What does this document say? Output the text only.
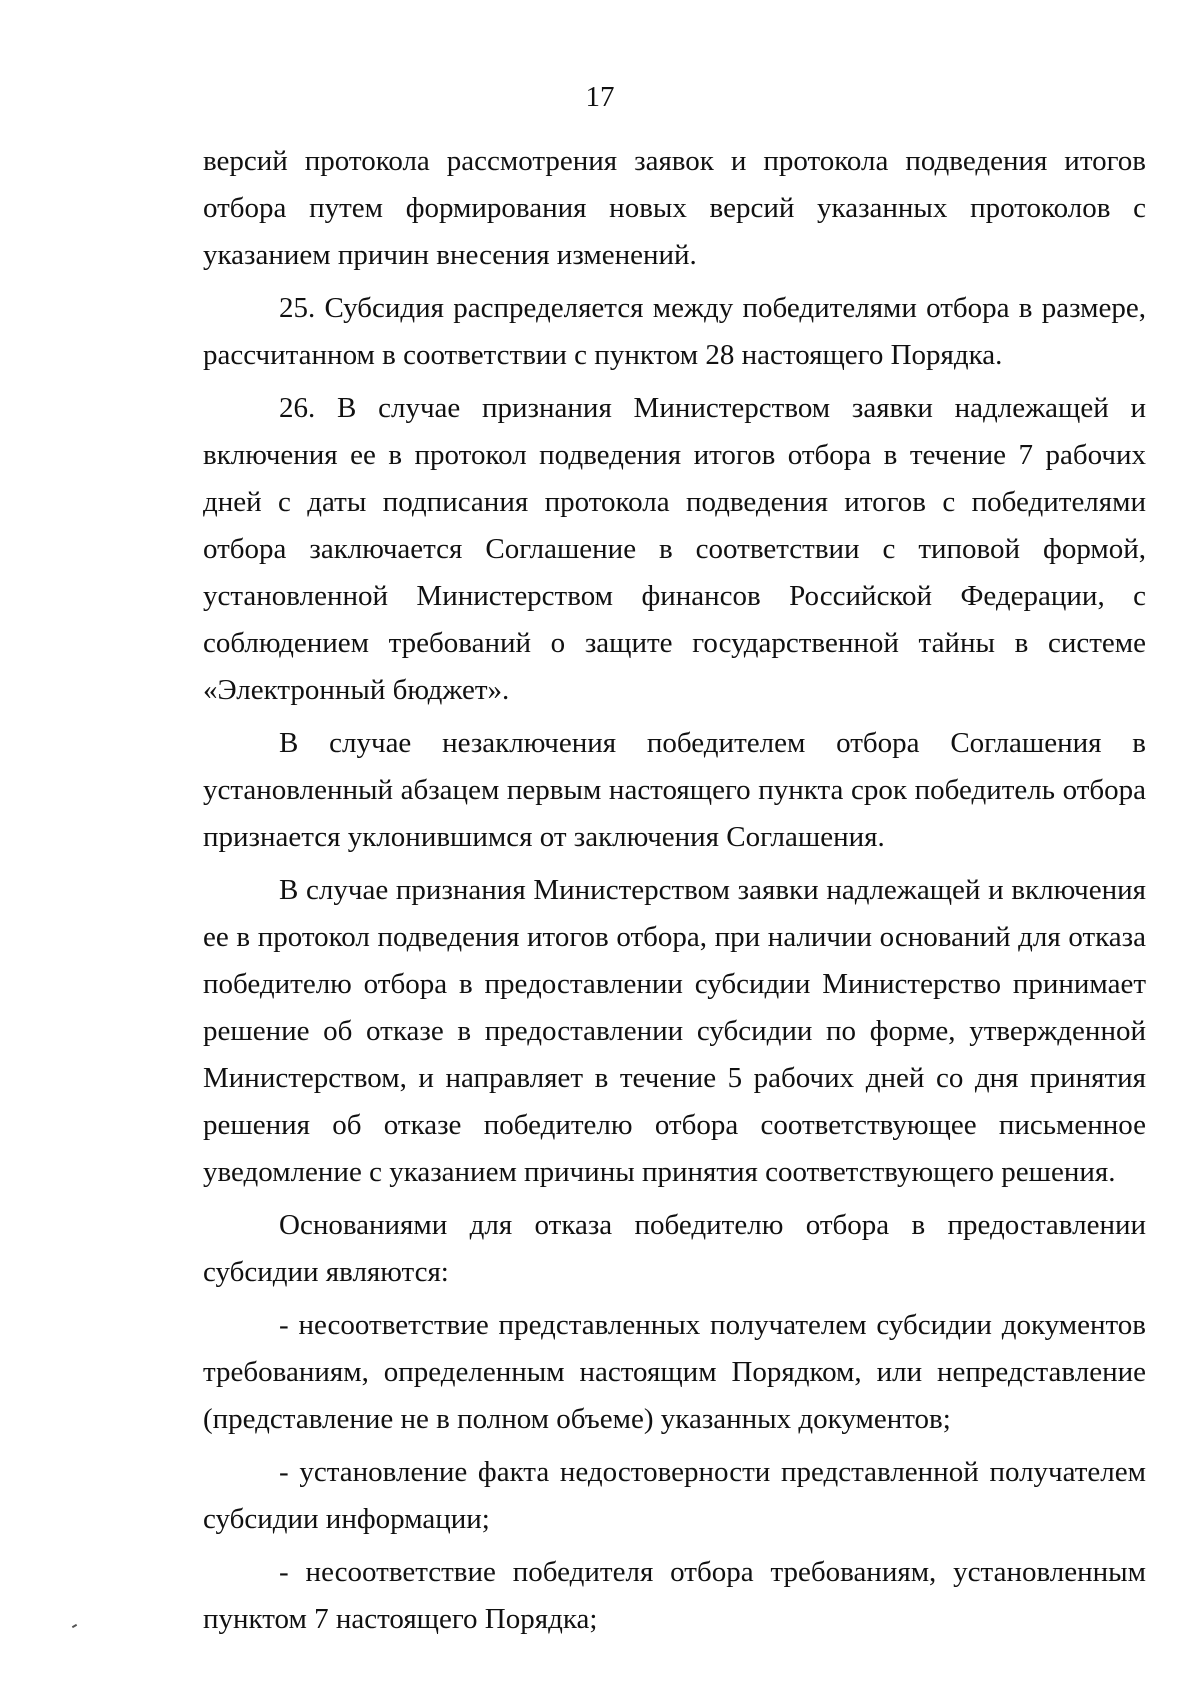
17

версий протокола рассмотрения заявок и протокола подведения итогов отбора путем формирования новых версий указанных протоколов с указанием причин внесения изменений.

25. Субсидия распределяется между победителями отбора в размере, рассчитанном в соответствии с пунктом 28 настоящего Порядка.

26. В случае признания Министерством заявки надлежащей и включения ее в протокол подведения итогов отбора в течение 7 рабочих дней с даты подписания протокола подведения итогов с победителями отбора заключается Соглашение в соответствии с типовой формой, установленной Министерством финансов Российской Федерации, с соблюдением требований о защите государственной тайны в системе «Электронный бюджет».

В случае незаключения победителем отбора Соглашения в установленный абзацем первым настоящего пункта срок победитель отбора признается уклонившимся от заключения Соглашения.

В случае признания Министерством заявки надлежащей и включения ее в протокол подведения итогов отбора, при наличии оснований для отказа победителю отбора в предоставлении субсидии Министерство принимает решение об отказе в предоставлении субсидии по форме, утвержденной Министерством, и направляет в течение 5 рабочих дней со дня принятия решения об отказе победителю отбора соответствующее письменное уведомление с указанием причины принятия соответствующего решения.

Основаниями для отказа победителю отбора в предоставлении субсидии являются:

- несоответствие представленных получателем субсидии документов требованиям, определенным настоящим Порядком, или непредставление (представление не в полном объеме) указанных документов;

- установление факта недостоверности представленной получателем субсидии информации;

- несоответствие победителя отбора требованиям, установленным пунктом 7 настоящего Порядка;
